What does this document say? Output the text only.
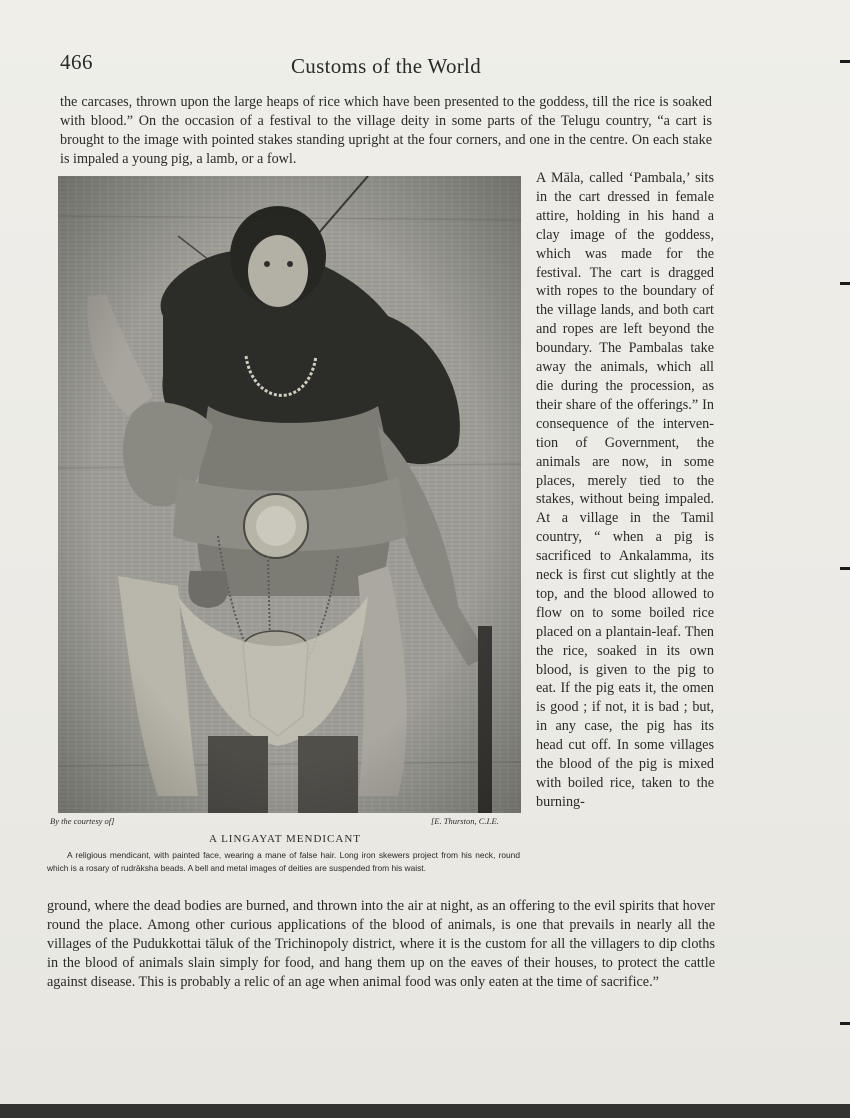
466	Customs of the World

the carcases, thrown upon the large heaps of rice which have been presented to the goddess, till the rice is soaked with blood.” On the occasion of a festival to the village deity in some parts of the Telugu country, “a cart is brought to the image with pointed stakes standing upright at the four corners, and one in the centre. On each stake is impaled a young pig, a lamb, or a fowl.

By the courtesy of]	[E. Thurston, C.I.E.
A LINGAYAT MENDICANT

A religious mendicant, with painted face, wearing a mane of false hair. Long iron skewers project from his neck, round which is a rosary of rudrāksha beads. A bell and metal images of deities are suspended from his waist.

A Māla, called ‘Pambala,’ sits in the cart dressed in female attire, holding in his hand a clay image of the goddess, which was made for the festival. The cart is dragged with ropes to the boundary of the village lands, and both cart and ropes are left beyond the boundary. The Pambalas take away the animals, which all die during the procession, as their share of the offerings.” In consequence of the intervention of Government, the animals are now, in some places, merely tied to the stakes, without being impaled. At a village in the Tamil country, “ when a pig is sacrificed to Ankalamma, its neck is first cut slightly at the top, and the blood allowed to flow on to some boiled rice placed on a plantain-leaf. Then the rice, soaked in its own blood, is given to the pig to eat. If the pig eats it, the omen is good ; if not, it is bad ; but, in any case, the pig has its head cut off. In some villages the blood of the pig is mixed with boiled rice, taken to the burning-

ground, where the dead bodies are burned, and thrown into the air at night, as an offering to the evil spirits that hover round the place. Among other curious applications of the blood of animals, is one that prevails in nearly all the villages of the Pudukkottai tāluk of the Trichinopoly district, where it is the custom for all the villagers to dip cloths in the blood of animals slain simply for food, and hang them up on the eaves of their houses, to protect the cattle against disease. This is probably a relic of an age when animal food was only eaten at the time of sacrifice.”
